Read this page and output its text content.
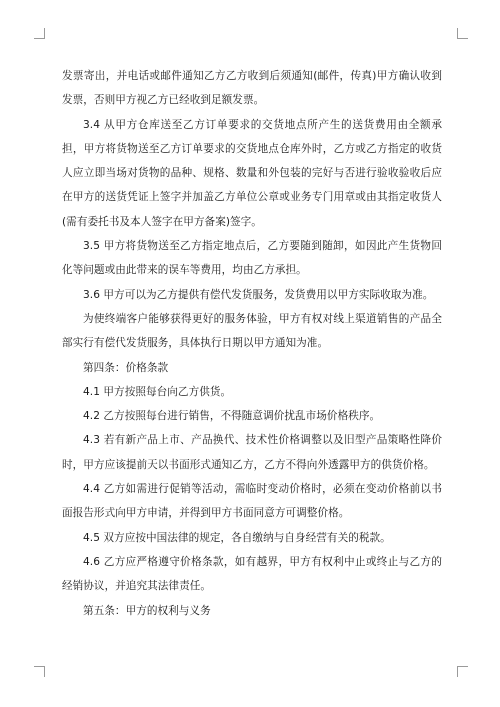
发票寄出，并电话或邮件通知乙方乙方收到后须通知(邮件，传真)甲方确认收到发票，否则甲方视乙方已经收到足额发票。

3.4 从甲方仓库送至乙方订单要求的交货地点所产生的送货费用由全额承担，甲方将货物送至乙方订单要求的交货地点仓库外时，乙方或乙方指定的收货人应立即当场对货物的品种、规格、数量和外包装的完好与否进行验收验收后应在甲方的送货凭证上签字并加盖乙方单位公章或业务专门用章或由其指定收货人(需有委托书及本人签字在甲方备案)签字。

3.5 甲方将货物送至乙方指定地点后，乙方要随到随卸，如因此产生货物回化等问题或由此带来的误车等费用，均由乙方承担。

3.6 甲方可以为乙方提供有偿代发货服务，发货费用以甲方实际收取为准。

为使终端客户能够获得更好的服务体验，甲方有权对线上渠道销售的产品全部实行有偿代发货服务，具体执行日期以甲方通知为准。

第四条：价格条款

4.1 甲方按照每台向乙方供货。

4.2 乙方按照每台进行销售，不得随意调价扰乱市场价格秩序。

4.3 若有新产品上市、产品换代、技术性价格调整以及旧型产品策略性降价时，甲方应该提前天以书面形式通知乙方，乙方不得向外透露甲方的供货价格。

4.4 乙方如需进行促销等活动，需临时变动价格时，必须在变动价格前以书面报告形式向甲方申请，并得到甲方书面同意方可调整价格。

4.5 双方应按中国法律的规定，各自缴纳与自身经营有关的税款。

4.6 乙方应严格遵守价格条款，如有越界，甲方有权利中止或终止与乙方的经销协议，并追究其法律责任。

第五条：甲方的权利与义务
